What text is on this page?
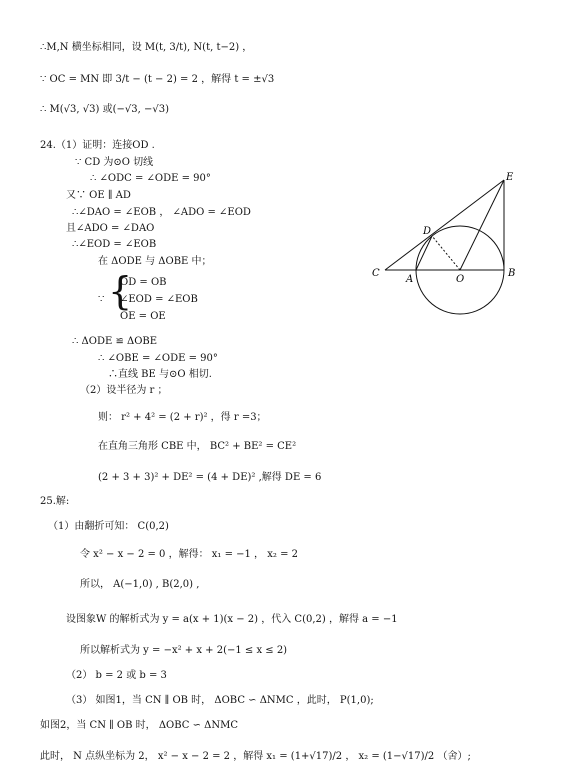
∴M,N 横坐标相同，设 M(t, 3/t), N(t, t−2) ，
∵ OC = MN 即 3/t − (t − 2) = 2 ，解得 t = ±√3
∴ M(√3, √3) 或(−√3, −√3)
24.（1）证明：连接OD .
∵ CD 为⊙O 切线
∴ ∠ODC = ∠ODE = 90°
又∵ OE ∥ AD
∴∠DAO = ∠EOB ， ∠ADO = ∠EOD
且∠ADO = ∠DAO
∴∠EOD = ∠EOB
在 ΔODE 与 ΔOBE 中；
{
OD = OB
∵ ∠EOD = ∠EOB
OE = OE
∴ ΔODE ≌ ΔOBE
∴ ∠OBE = ∠ODE = 90°
∴直线 BE 与⊙O 相切.
（2）设半径为 r ；
则： r² + 4² = (2 + r)² ，得 r =3；
在直角三角形 CBE 中， BC² + BE² = CE²
(2 + 3 + 3)² + DE² = (4 + DE)² ,解得 DE = 6
25.解:
（1）由翻折可知： C(0,2)
令 x² − x − 2 = 0 ，解得： x₁ = −1 ， x₂ = 2
所以， A(−1,0) , B(2,0) ,
设图象W 的解析式为 y = a(x + 1)(x − 2) ，代入 C(0,2) ，解得 a = −1
所以解析式为 y = −x² + x + 2(−1 ≤ x ≤ 2)
（2） b = 2 或 b = 3
（3） 如图1，当 CN ∥ OB 时， ΔOBC ∽ ΔNMC ，此时， P(1,0);
如图2，当 CN ∥ OB 时， ΔOBC ∽ ΔNMC
此时， N 点纵坐标为 2， x² − x − 2 = 2 ，解得 x₁ = (1+√17)/2 ， x₂ = (1−√17)/2 （舍）;
C
A	O
B
D
E
